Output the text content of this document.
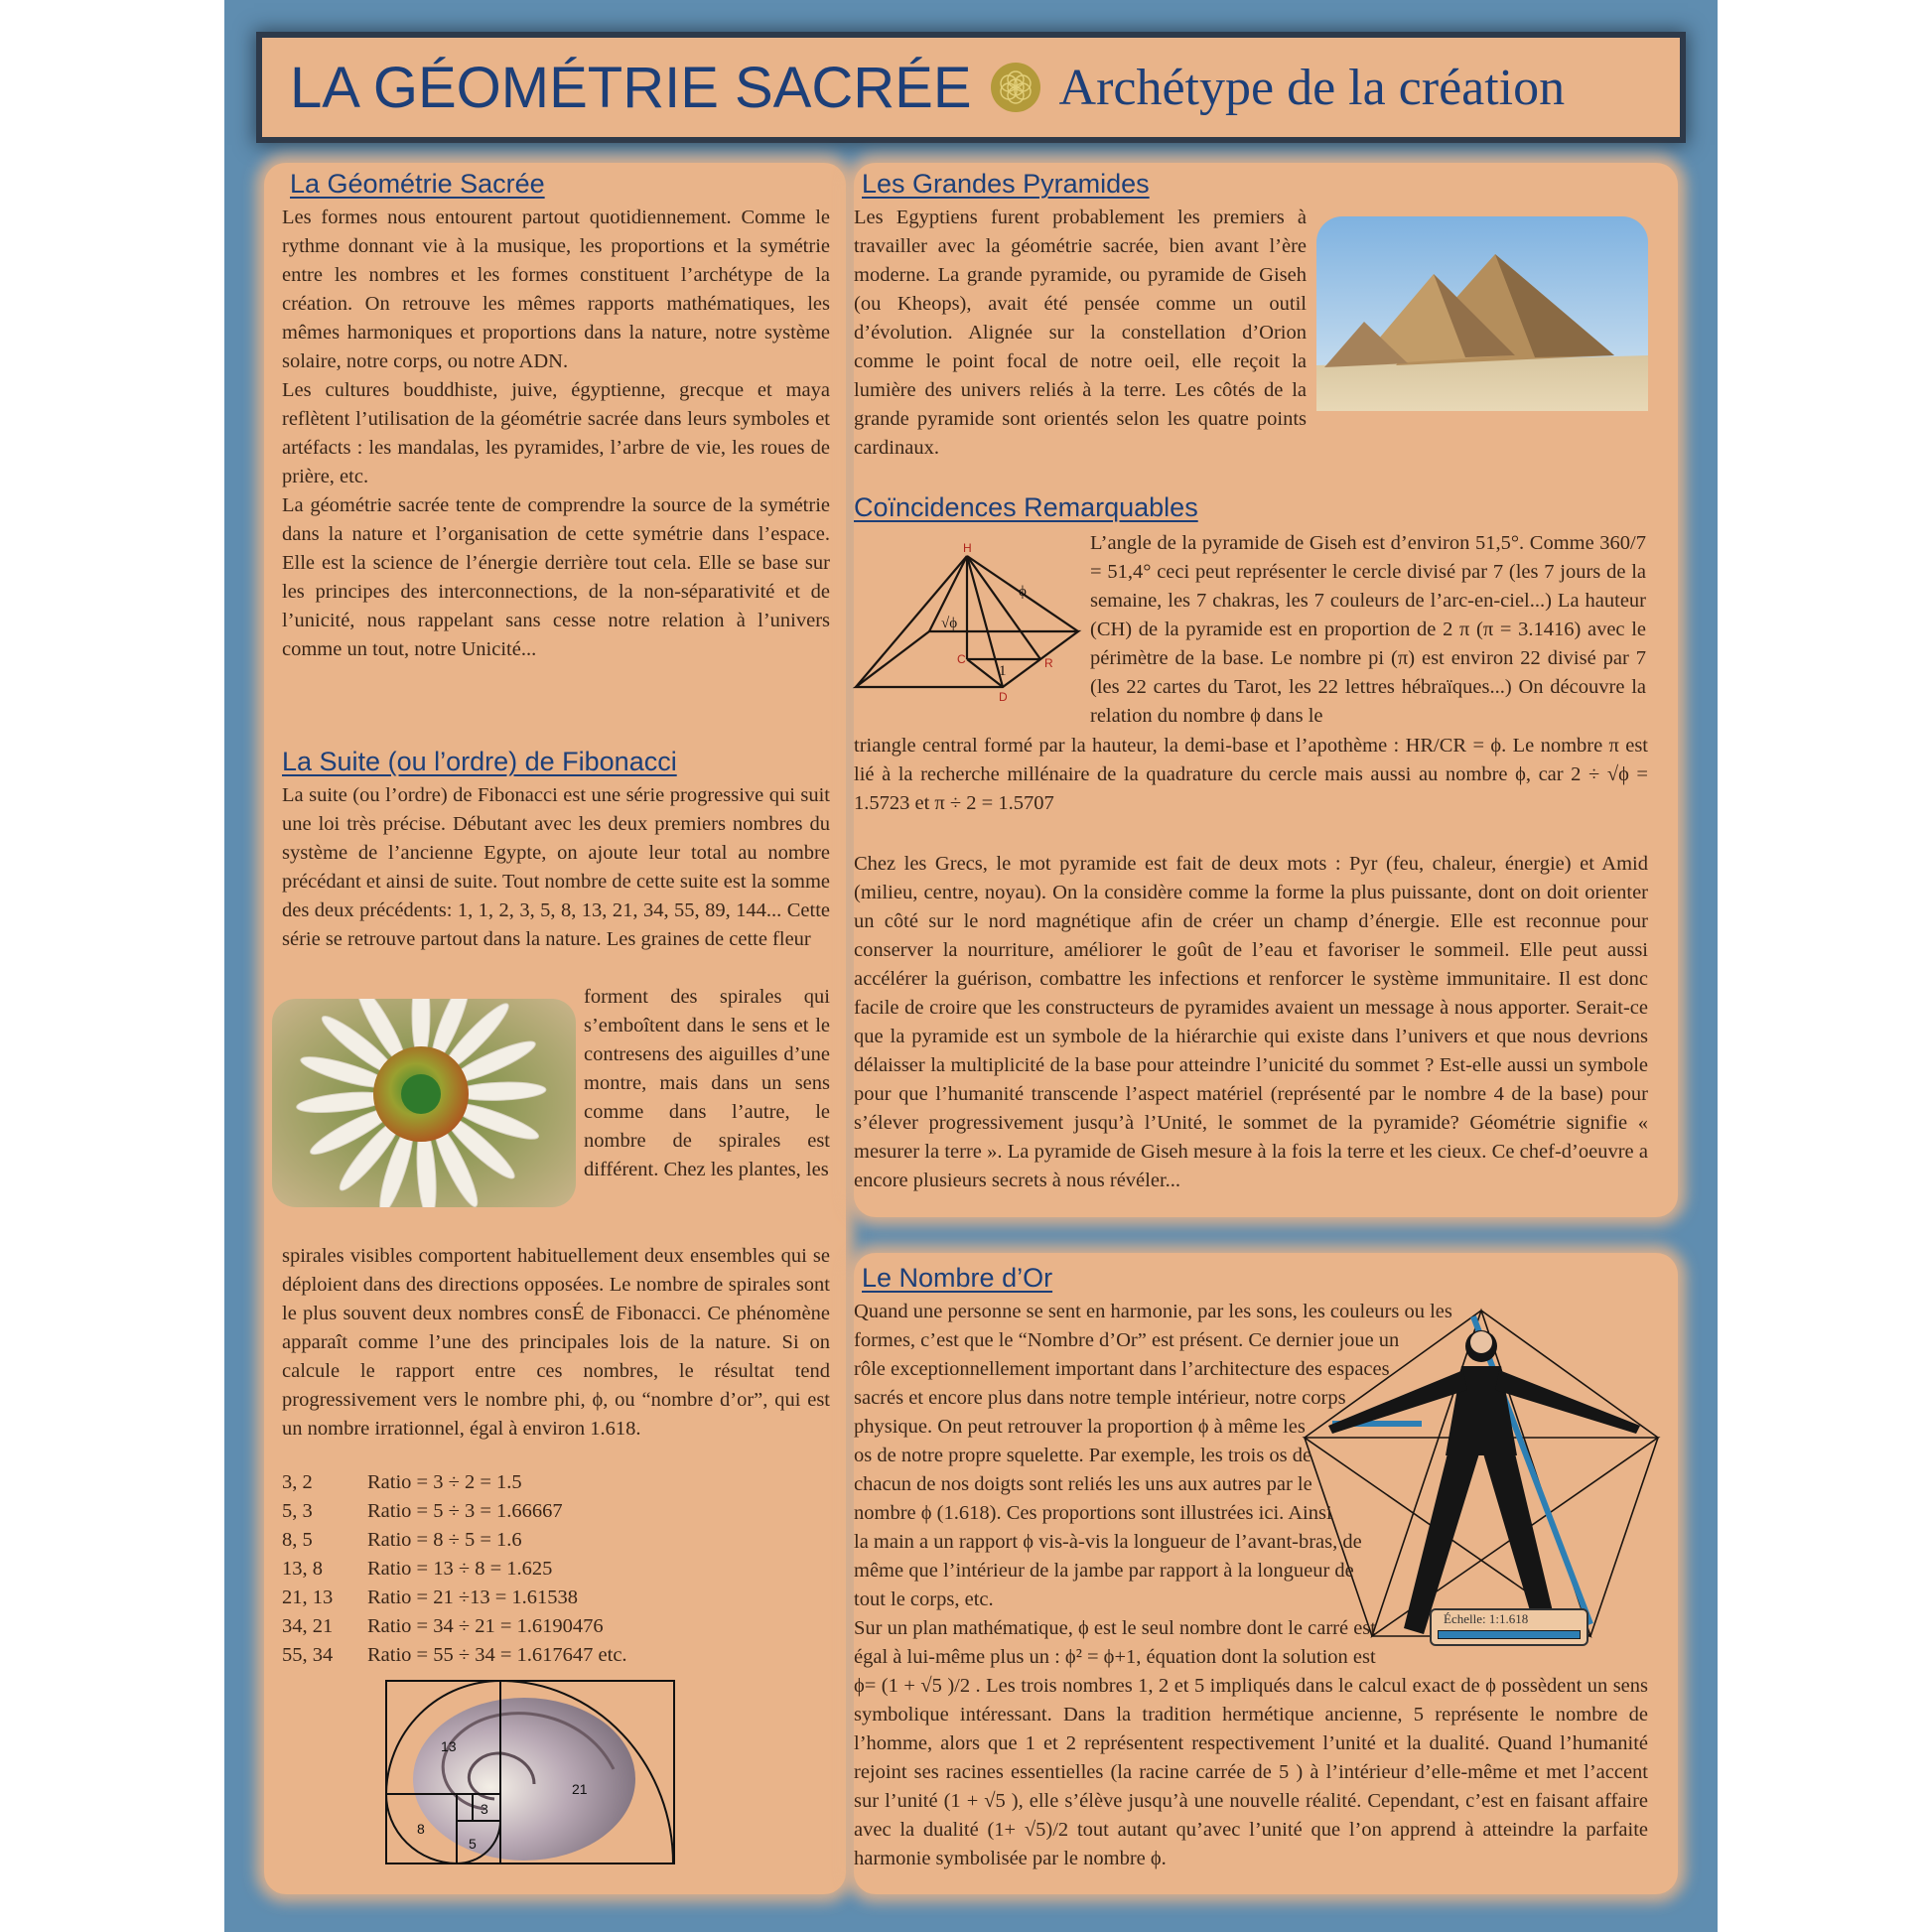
LA GÉOMÉTRIE SACRÉE Archétype de la création
La Géométrie Sacrée
Les formes nous entourent partout quotidiennement. Comme le rythme donnant vie à la musique, les proportions et la symétrie entre les nombres et les formes constituent l’archétype de la création. On retrouve les mêmes rapports mathématiques, les mêmes harmoniques et proportions dans la nature, notre système solaire, notre corps, ou notre ADN.
Les cultures bouddhiste, juive, égyptienne, grecque et maya reflètent l’utilisation de la géométrie sacrée dans leurs symboles et artéfacts : les mandalas, les pyramides, l’arbre de vie, les roues de prière, etc.
La géométrie sacrée tente de comprendre la source de la symétrie dans la nature et l’organisation de cette symétrie dans l’espace. Elle est la science de l’énergie derrière tout cela. Elle se base sur les principes des interconnections, de la non-séparativité et de l’unicité, nous rappelant sans cesse notre relation à l’univers comme un tout, notre Unicité...
La Suite (ou l’ordre) de Fibonacci
La suite (ou l’ordre) de Fibonacci est une série progressive qui suit une loi très précise. Débutant avec les deux premiers nombres du système de l’ancienne Egypte, on ajoute leur total au nombre précédant et ainsi de suite. Tout nombre de cette suite est la somme des deux précédents: 1, 1, 2, 3, 5, 8, 13, 21, 34, 55, 89, 144... Cette série se retrouve partout dans la nature. Les graines de cette fleur
forment des spirales qui s’emboîtent dans le sens et le contresens des aiguilles d’une montre, mais dans un sens comme dans l’autre, le nombre de spirales est différent. Chez les plantes, les
spirales visibles comportent habituellement deux ensembles qui se déploient dans des directions opposées. Le nombre de spirales sont le plus souvent deux nombres consÉ de Fibonacci. Ce phénomène apparaît comme l’une des principales lois de la nature. Si on calcule le rapport entre ces nombres, le résultat tend progressivement vers le nombre phi, ϕ, ou “nombre d’or”, qui est un nombre irrationnel, égal à environ 1.618.
3, 2	Ratio = 3 ÷ 2 = 1.5
5, 3	Ratio = 5 ÷ 3 = 1.66667
8, 5	Ratio = 8 ÷ 5 = 1.6
13, 8	Ratio = 13 ÷ 8 = 1.625
21, 13	Ratio = 21 ÷13 = 1.61538
34, 21	Ratio = 34 ÷ 21 = 1.6190476
55, 34	Ratio = 55 ÷ 34 = 1.617647 etc.
13
21
8
5
3
Les Grandes Pyramides
Les Egyptiens furent probablement les premiers à travailler avec la géométrie sacrée, bien avant l’ère moderne. La grande pyramide, ou pyramide de Giseh (ou Kheops), avait été pensée comme un outil d’évolution. Alignée sur la constellation d’Orion comme le point focal de notre oeil, elle reçoit la lumière des univers reliés à la terre. Les côtés de la grande pyramide sont orientés selon les quatre points cardinaux.
Coïncidences Remarquables
H
C	R
D
ϕ
√ϕ
1
L’angle de la pyramide de Giseh est d’environ 51,5°. Comme 360/7 = 51,4° ceci peut représenter le cercle divisé par 7 (les 7 jours de la semaine, les 7 chakras, les 7 couleurs de l’arc-en-ciel...) La hauteur (CH) de la pyramide est en proportion de 2 π (π = 3.1416) avec le périmètre de la base. Le nombre pi (π) est environ 22 divisé par 7 (les 22 cartes du Tarot, les 22 lettres hébraïques...) On découvre la relation du nombre ϕ dans le
triangle central formé par la hauteur, la demi-base et l’apothème : HR/CR = ϕ. Le nombre π est lié à la recherche millénaire de la quadrature du cercle mais aussi au nombre ϕ, car 2 ÷ √ϕ = 1.5723 et π ÷ 2 = 1.5707
Chez les Grecs, le mot pyramide est fait de deux mots : Pyr (feu, chaleur, énergie) et Amid (milieu, centre, noyau). On la considère comme la forme la plus puissante, dont on doit orienter un côté sur le nord magnétique afin de créer un champ d’énergie. Elle est reconnue pour conserver la nourriture, améliorer le goût de l’eau et favoriser le sommeil. Elle peut aussi accélérer la guérison, combattre les infections et renforcer le système immunitaire. Il est donc facile de croire que les constructeurs de pyramides avaient un message à nous apporter. Serait-ce que la pyramide est un symbole de la hiérarchie qui existe dans l’univers et que nous devrions délaisser la multiplicité de la base pour atteindre l’unicité du sommet ? Est-elle aussi un symbole pour que l’humanité transcende l’aspect matériel (représenté par le nombre 4 de la base) pour s’élever progressivement jusqu’à l’Unité, le sommet de la pyramide? Géométrie signifie « mesurer la terre ». La pyramide de Giseh mesure à la fois la terre et les cieux. Ce chef-d’oeuvre a encore plusieurs secrets à nous révéler...
Le Nombre d’Or
Échelle: 1:1.618
Quand une personne se sent en harmonie, par les sons, les couleurs ou les
formes, c’est que le “Nombre d’Or” est présent. Ce dernier joue un
rôle exceptionnellement important dans l’architecture des espaces
sacrés et encore plus dans notre temple intérieur, notre corps
physique. On peut retrouver la proportion ϕ à même les
os de notre propre squelette. Par exemple, les trois os de
chacun de nos doigts sont reliés les uns aux autres par le
nombre ϕ (1.618). Ces proportions sont illustrées ici. Ainsi
la main a un rapport ϕ vis-à-vis la longueur de l’avant-bras, de
même que l’intérieur de la jambe par rapport à la longueur de
tout le corps, etc.
Sur un plan mathématique, ϕ est le seul nombre dont le carré est
égal à lui-même plus un : ϕ² = ϕ+1, équation dont la solution est
ϕ= (1 + √5 )/2 . Les trois nombres 1, 2 et 5 impliqués dans le calcul exact de ϕ possèdent un sens symbolique intéressant. Dans la tradition hermétique ancienne, 5 représente le nombre de l’homme, alors que 1 et 2 représentent respectivement l’unité et la dualité. Quand l’humanité rejoint ses racines essentielles (la racine carrée de 5 ) à l’intérieur d’elle-même et met l’accent sur l’unité (1 + √5 ), elle s’élève jusqu’à une nouvelle réalité. Cependant, c’est en faisant affaire avec la dualité (1+ √5)/2 tout autant qu’avec l’unité que l’on apprend à atteindre la parfaite harmonie symbolisée par le nombre ϕ.
